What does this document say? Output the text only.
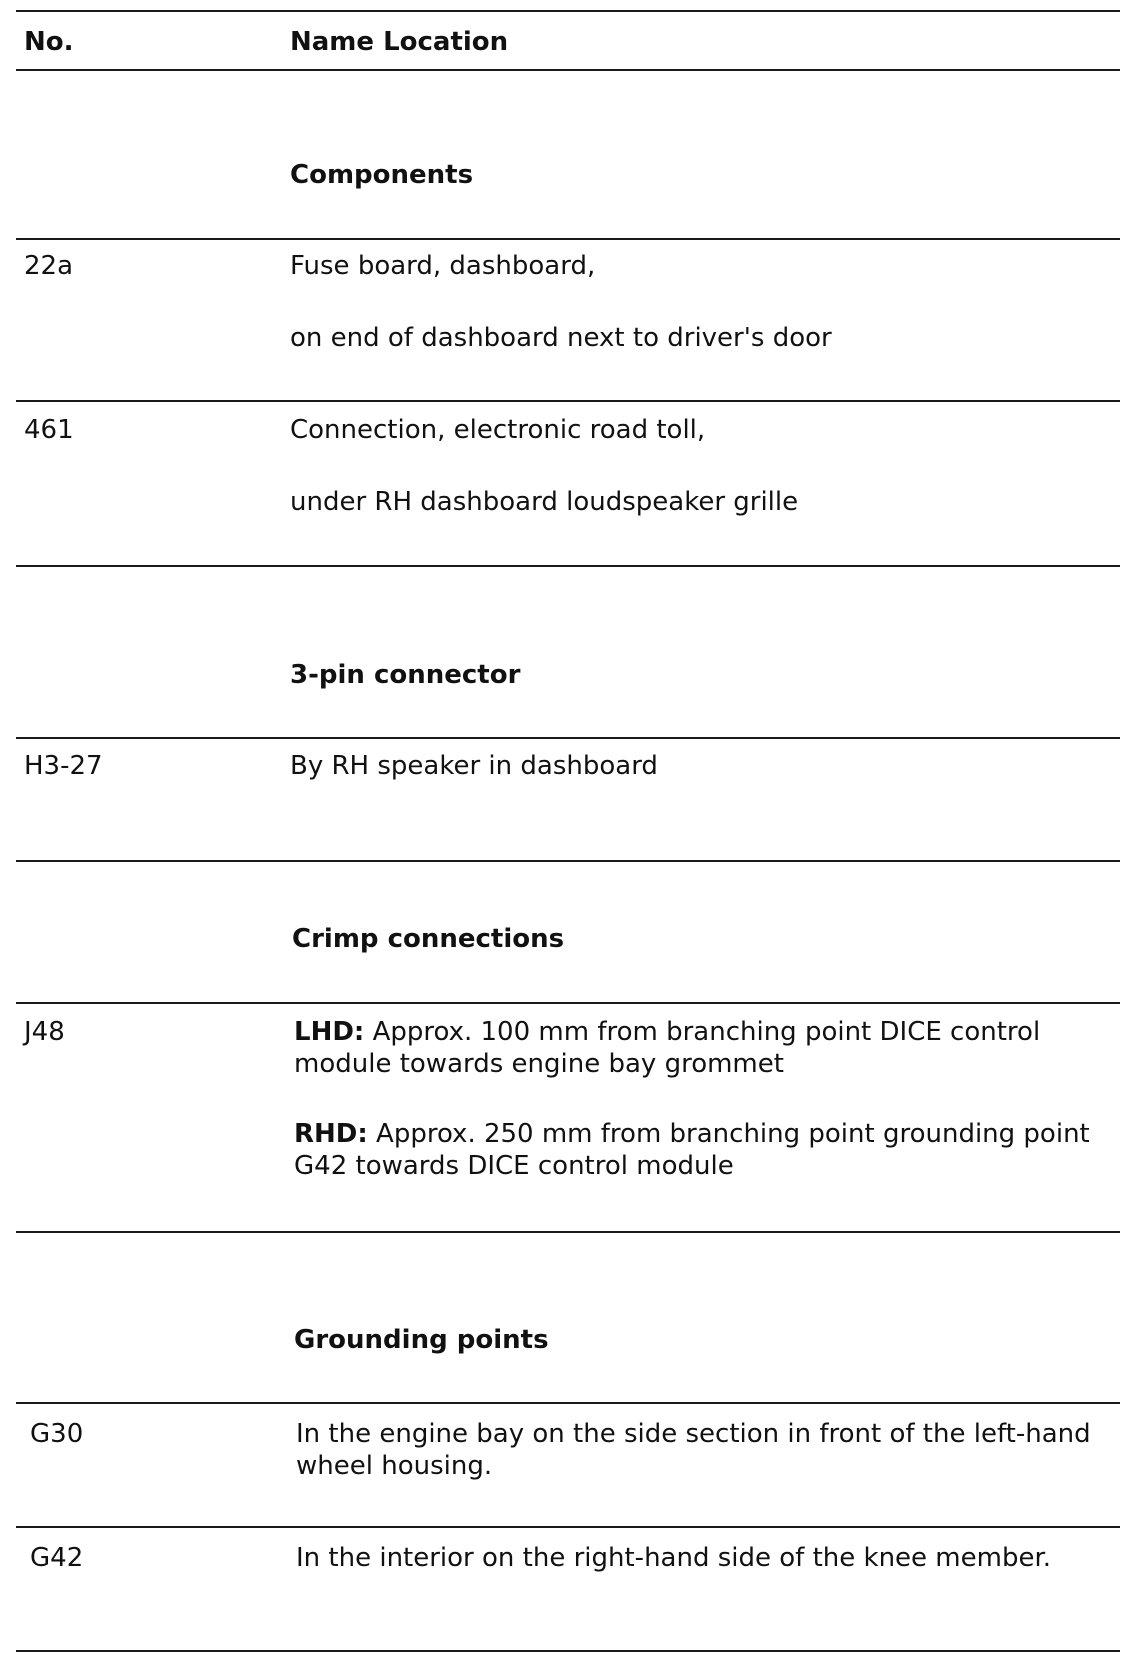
No.	Name Location
Components
22a	Fuse board, dashboard,
on end of dashboard next to driver's door
461	Connection, electronic road toll,
under RH dashboard loudspeaker grille
3-pin connector
H3-27	By RH speaker in dashboard
Crimp connections
J48	LHD: Approx. 100 mm from branching point DICE control module towards engine bay grommet
RHD: Approx. 250 mm from branching point grounding point G42 towards DICE control module
Grounding points
G30	In the engine bay on the side section in front of the left-hand wheel housing.
G42	In the interior on the right-hand side of the knee member.
